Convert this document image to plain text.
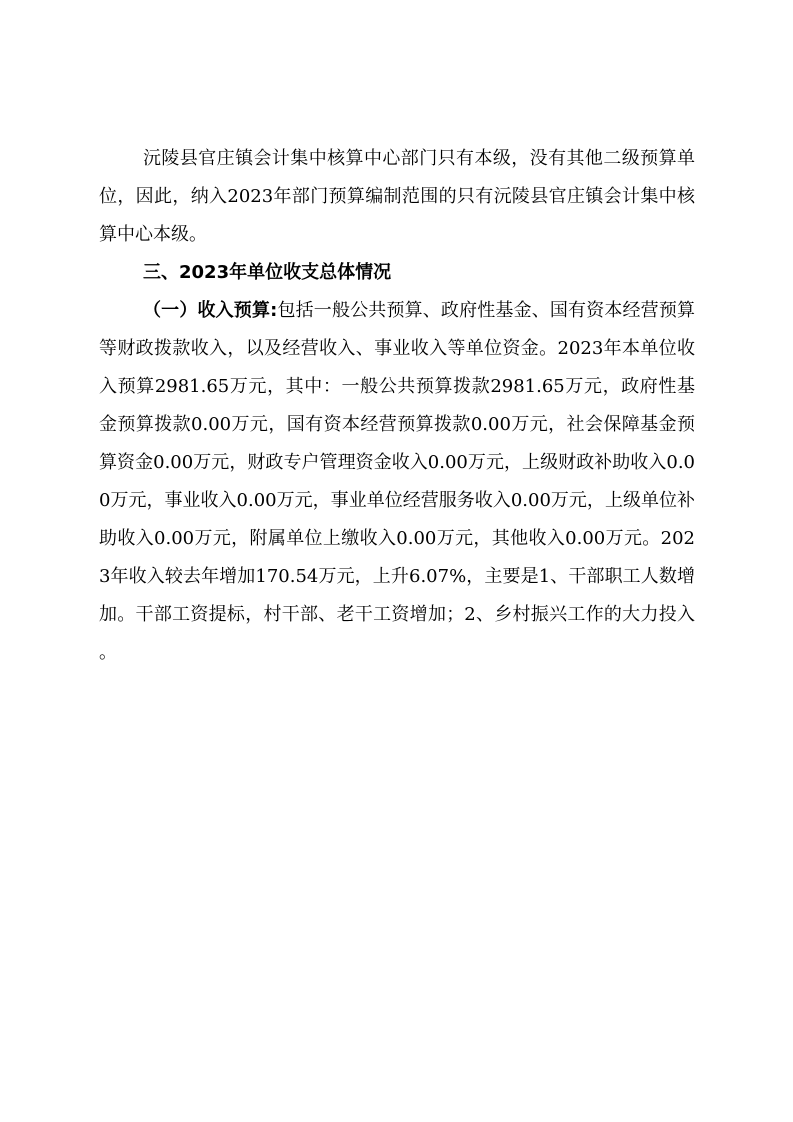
沅陵县官庄镇会计集中核算中心部门只有本级，没有其他二级预算单位，因此，纳入2023年部门预算编制范围的只有沅陵县官庄镇会计集中核算中心本级。

三、2023年单位收支总体情况

（一）收入预算:包括一般公共预算、政府性基金、国有资本经营预算等财政拨款收入，以及经营收入、事业收入等单位资金。2023年本单位收入预算2981.65万元，其中：一般公共预算拨款2981.65万元，政府性基金预算拨款0.00万元，国有资本经营预算拨款0.00万元，社会保障基金预算资金0.00万元，财政专户管理资金收入0.00万元，上级财政补助收入0.00万元，事业收入0.00万元，事业单位经营服务收入0.00万元，上级单位补助收入0.00万元，附属单位上缴收入0.00万元，其他收入0.00万元。2023年收入较去年增加170.54万元，上升6.07%，主要是1、干部职工人数增加。干部工资提标，村干部、老干工资增加；2、乡村振兴工作的大力投入。
